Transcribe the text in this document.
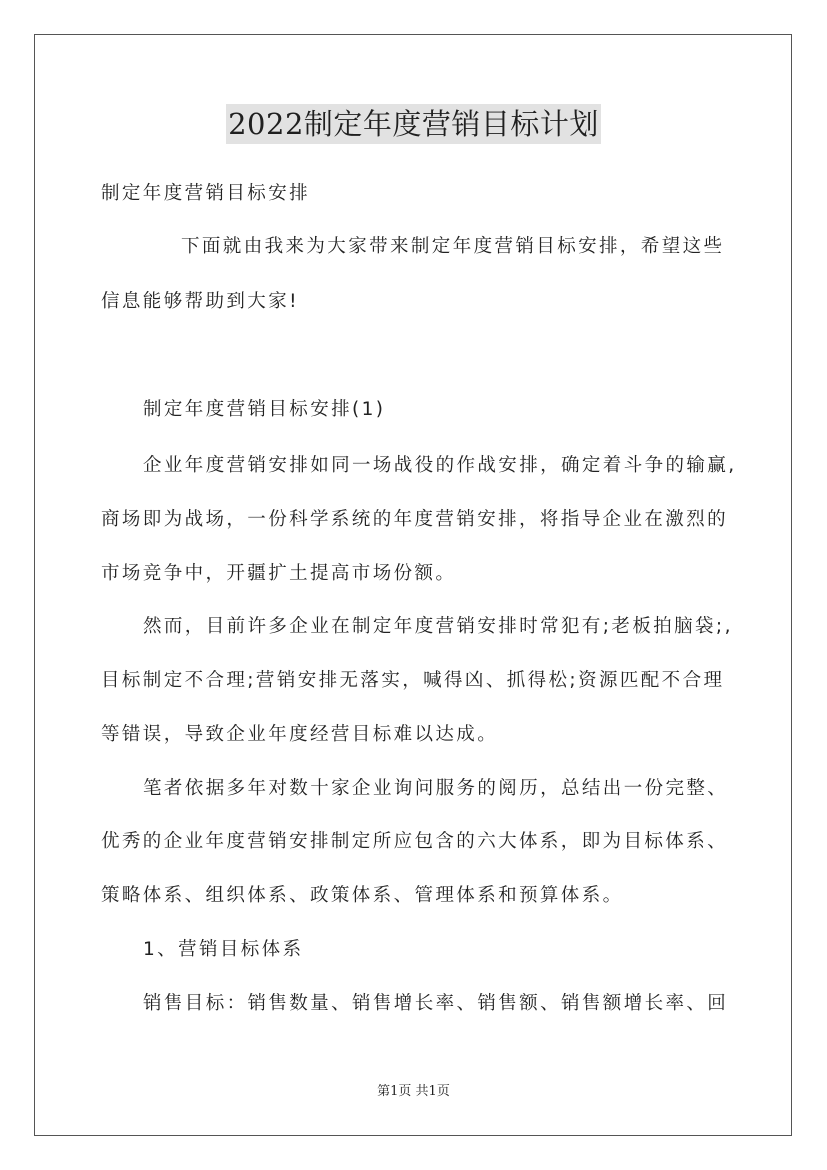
2022制定年度营销目标计划
制定年度营销目标安排
下面就由我来为大家带来制定年度营销目标安排，希望这些
信息能够帮助到大家!
制定年度营销目标安排(1)
企业年度营销安排如同一场战役的作战安排，确定着斗争的输赢,
商场即为战场，一份科学系统的年度营销安排，将指导企业在激烈的
市场竞争中，开疆扩土提高市场份额。
然而，目前许多企业在制定年度营销安排时常犯有;老板拍脑袋;,
目标制定不合理;营销安排无落实，喊得凶、抓得松;资源匹配不合理
等错误，导致企业年度经营目标难以达成。
笔者依据多年对数十家企业询问服务的阅历，总结出一份完整、
优秀的企业年度营销安排制定所应包含的六大体系，即为目标体系、
策略体系、组织体系、政策体系、管理体系和预算体系。
1、营销目标体系
销售目标：销售数量、销售增长率、销售额、销售额增长率、回
第1页 共1页
